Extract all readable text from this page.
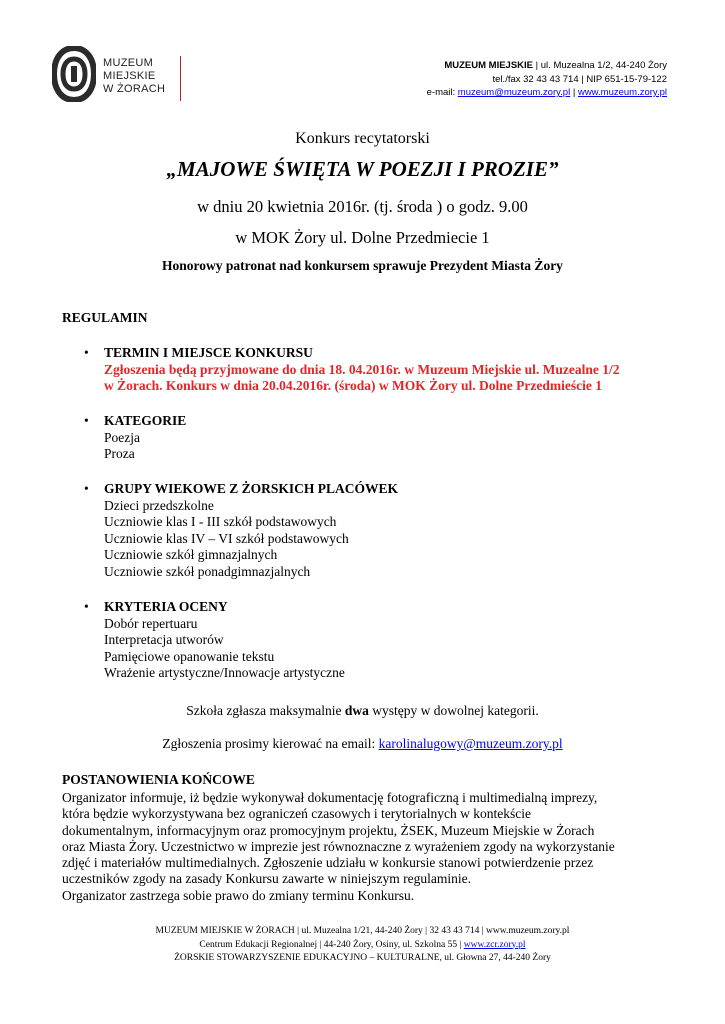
MUZEUM
MIEJSKIE
W ŻORACH
MUZEUM MIEJSKIE | ul. Muzealna 1/2, 44-240 Żory
tel./fax 32 43 43 714 | NIP 651-15-79-122
e-mail: muzeum@muzeum.zory.pl | www.muzeum.zory.pl
Konkurs recytatorski
„MAJOWE ŚWIĘTA W POEZJI I PROZIE”
w dniu 20 kwietnia 2016r. (tj. środa ) o godz. 9.00
w MOK Żory ul. Dolne Przedmiecie 1
Honorowy patronat nad konkursem sprawuje Prezydent Miasta Żory
REGULAMIN
• TERMIN I MIEJSCE KONKURSU
Zgłoszenia będą przyjmowane do dnia 18. 04.2016r. w Muzeum Miejskie ul. Muzealne 1/2
w Żorach. Konkurs w dnia 20.04.2016r. (środa) w MOK Żory ul. Dolne Przedmieście 1
• KATEGORIE
Poezja
Proza
• GRUPY WIEKOWE Z ŻORSKICH PLACÓWEK
Dzieci przedszkolne
Uczniowie klas I - III szkół podstawowych
Uczniowie klas IV – VI szkół podstawowych
Uczniowie szkół gimnazjalnych
Uczniowie szkół ponadgimnazjalnych
• KRYTERIA OCENY
Dobór repertuaru
Interpretacja utworów
Pamięciowe opanowanie tekstu
Wrażenie artystyczne/Innowacje artystyczne
Szkoła zgłasza maksymalnie dwa występy w dowolnej kategorii.
Zgłoszenia prosimy kierować na email: karolinalugowy@muzeum.zory.pl
POSTANOWIENIA KOŃCOWE
Organizator informuje, iż będzie wykonywał dokumentację fotograficzną i multimedialną imprezy,
która będzie wykorzystywana bez ograniczeń czasowych i terytorialnych w kontekście
dokumentalnym, informacyjnym oraz promocyjnym projektu, ŻSEK, Muzeum Miejskie w Żorach
oraz Miasta Żory. Uczestnictwo w imprezie jest równoznaczne z wyrażeniem zgody na wykorzystanie
zdjęć i materiałów multimedialnych. Zgłoszenie udziału w konkursie stanowi potwierdzenie przez
uczestników zgody na zasady Konkursu zawarte w niniejszym regulaminie.
Organizator zastrzega sobie prawo do zmiany terminu Konkursu.
MUZEUM MIEJSKIE W ŻORACH | ul. Muzealna 1/21, 44-240 Żory | 32 43 43 714 | www.muzeum.zory.pl
Centrum Edukacji Regionalnej | 44-240 Żory, Osiny, ul. Szkolna 55 | www.zcr.zory.pl
ŻORSKIE STOWARZYSZENIE EDUKACYJNO – KULTURALNE, ul. Głowna 27, 44-240 Żory
